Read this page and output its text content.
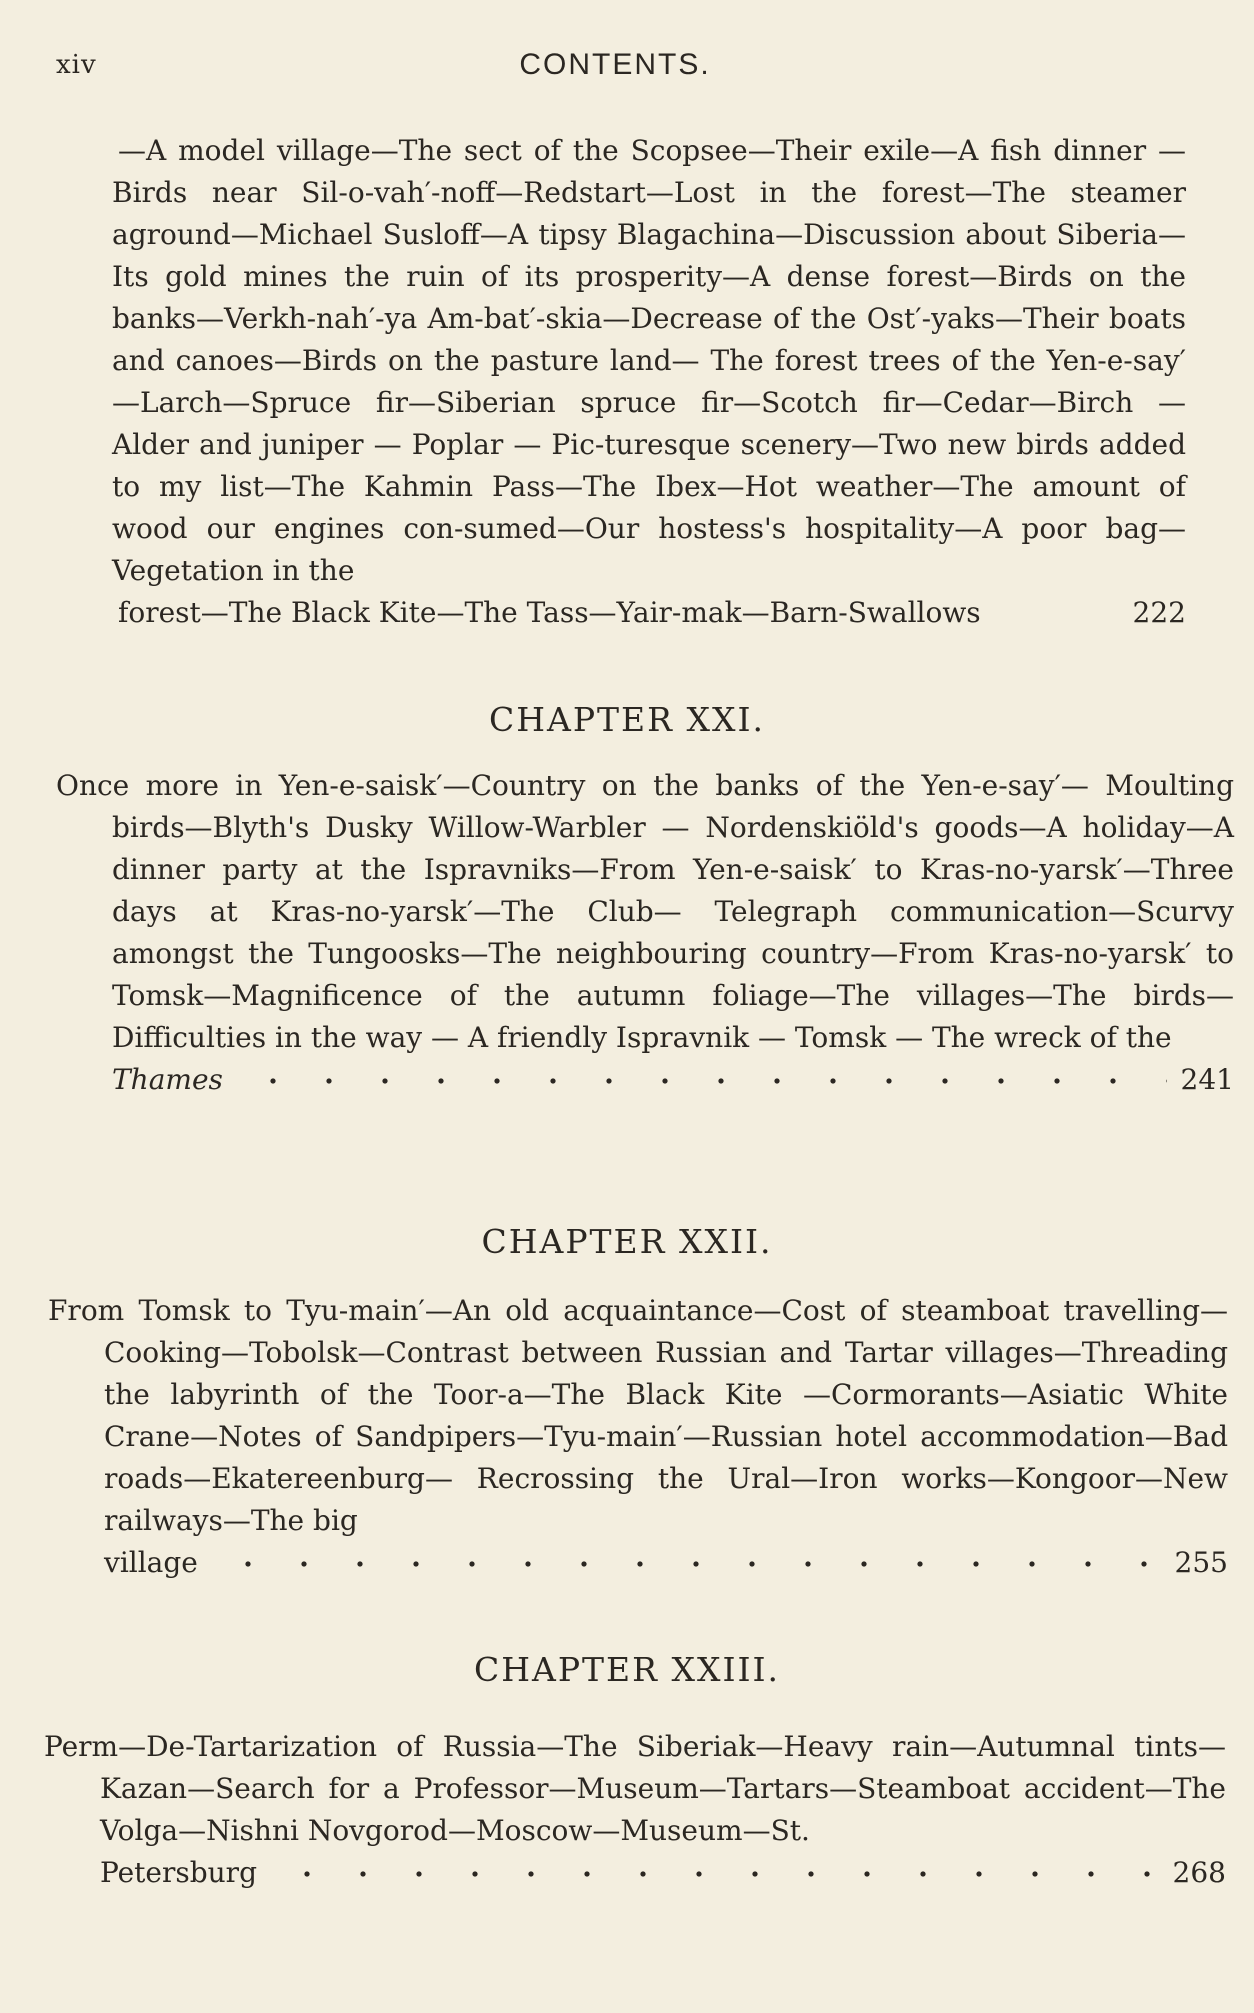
xiv	CONTENTS.
—A model village—The sect of the Scopsee—Their exile—A fish dinner —Birds near Sil-o-vah′-noff—Redstart—Lost in the forest—The steamer aground—Michael Susloff—A tipsy Blagachina—Discussion about Siberia—Its gold mines the ruin of its prosperity—A dense forest—Birds on the banks—Verkh-nah′-ya Am-bat′-skia—Decrease of the Ost′-yaks—Their boats and canoes—Birds on the pasture land— The forest trees of the Yen-e-say′—Larch—Spruce fir—Siberian spruce fir—Scotch fir—Cedar—Birch — Alder and juniper — Poplar — Pic-turesque scenery—Two new birds added to my list—The Kahmin Pass—The Ibex—Hot weather—The amount of wood our engines con-sumed—Our hostess's hospitality—A poor bag—Vegetation in the
forest—The Black Kite—The Tass—Yair-mak—Barn-Swallows	222
CHAPTER XXI.
Once more in Yen-e-saisk′—Country on the banks of the Yen-e-say′— Moulting birds—Blyth's Dusky Willow-Warbler — Nordenskiöld's goods—A holiday—A dinner party at the Ispravniks—From Yen-e-saisk′ to Kras-no-yarsk′—Three days at Kras-no-yarsk′—The Club— Telegraph communication—Scurvy amongst the Tungoosks—The neighbouring country—From Kras-no-yarsk′ to Tomsk—Magnificence of the autumn foliage—The villages—The birds—Difficulties in the way — A friendly Ispravnik — Tomsk — The wreck of the
Thames	241
CHAPTER XXII.
From Tomsk to Tyu-main′—An old acquaintance—Cost of steamboat travelling—Cooking—Tobolsk—Contrast between Russian and Tartar villages—Threading the labyrinth of the Toor-a—The Black Kite —Cormorants—Asiatic White Crane—Notes of Sandpipers—Tyu-main′—Russian hotel accommodation—Bad roads—Ekatereenburg— Recrossing the Ural—Iron works—Kongoor—New railways—The big
village	255
CHAPTER XXIII.
Perm—De-Tartarization of Russia—The Siberiak—Heavy rain—Autumnal tints—Kazan—Search for a Professor—Museum—Tartars—Steamboat accident—The Volga—Nishni Novgorod—Moscow—Museum—St.
Petersburg	268
